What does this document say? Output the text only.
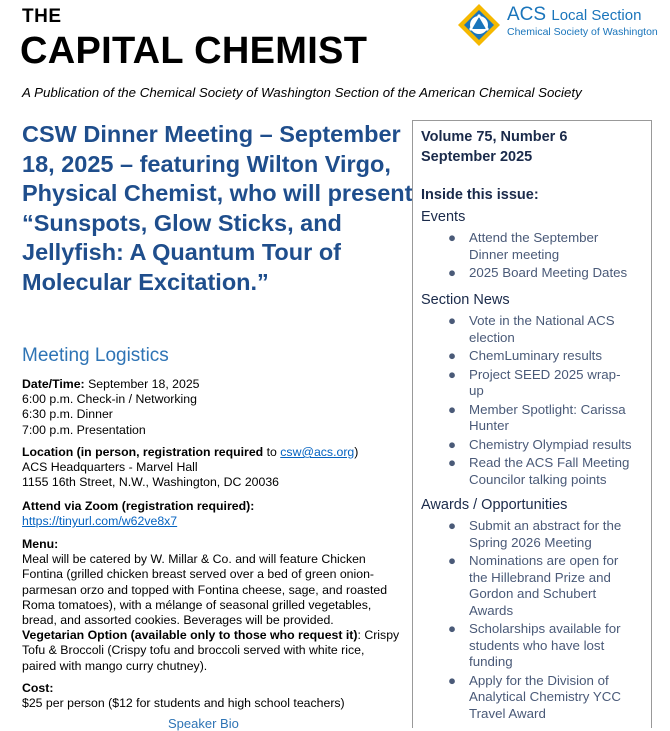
THE
CAPITAL CHEMIST
A Publication of the Chemical Society of Washington Section of the American Chemical Society
ACS Local Section
Chemical Society of Washington
CSW Dinner Meeting – September
18, 2025 – featuring Wilton Virgo,
Physical Chemist, who will present
“Sunspots, Glow Sticks, and
Jellyfish: A Quantum Tour of
Molecular Excitation.”
Meeting Logistics
Date/Time: September 18, 2025
6:00 p.m. Check-in / Networking
6:30 p.m. Dinner
7:00 p.m. Presentation
Location (in person, registration required to csw@acs.org)
ACS Headquarters - Marvel Hall
1155 16th Street, N.W., Washington, DC 20036
Attend via Zoom (registration required):
https://tinyurl.com/w62ve8x7
Menu:
Meal will be catered by W. Millar & Co. and will feature Chicken
Fontina (grilled chicken breast served over a bed of green onion-
parmesan orzo and topped with Fontina cheese, sage, and roasted
Roma tomatoes), with a mélange of seasonal grilled vegetables,
bread, and assorted cookies. Beverages will be provided.
Vegetarian Option (available only to those who request it): Crispy
Tofu & Broccoli (Crispy tofu and broccoli served with white rice,
paired with mango curry chutney).
Cost:
$25 per person ($12 for students and high school teachers)
Speaker Bio
Volume 75, Number 6
September 2025
Inside this issue:
Events
● Attend the September
Dinner meeting
● 2025 Board Meeting Dates
Section News
● Vote in the National ACS
election
● ChemLuminary results
● Project SEED 2025 wrap-
up
● Member Spotlight: Carissa
Hunter
● Chemistry Olympiad results
● Read the ACS Fall Meeting
Councilor talking points
Awards / Opportunities
● Submit an abstract for the
Spring 2026 Meeting
● Nominations are open for
the Hillebrand Prize and
Gordon and Schubert
Awards
● Scholarships available for
students who have lost
funding
● Apply for the Division of
Analytical Chemistry YCC
Travel Award
